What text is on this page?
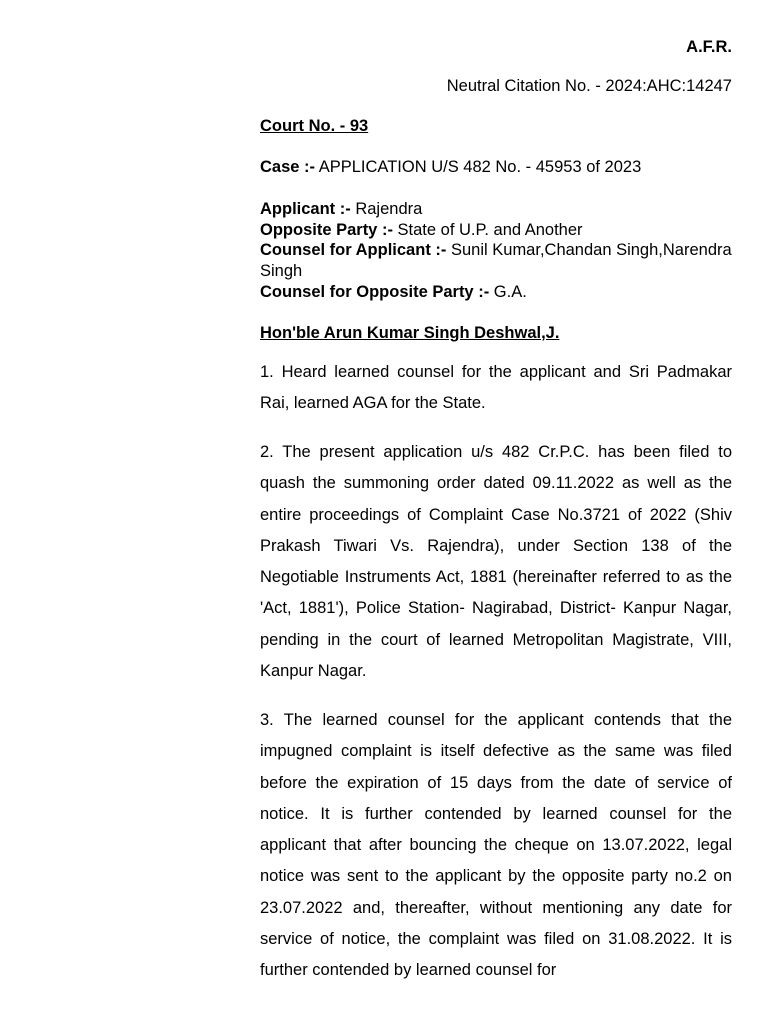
A.F.R.
Neutral Citation No. - 2024:AHC:14247
Court No. - 93
Case :- APPLICATION U/S 482 No. - 45953 of 2023
Applicant :- Rajendra
Opposite Party :- State of U.P. and Another
Counsel for Applicant :- Sunil Kumar,Chandan Singh,Narendra Singh
Counsel for Opposite Party :- G.A.
Hon'ble Arun Kumar Singh Deshwal,J.

1. Heard learned counsel for the applicant and Sri Padmakar Rai, learned AGA for the State.

2. The present application u/s 482 Cr.P.C. has been filed to quash the summoning order dated 09.11.2022 as well as the entire proceedings of Complaint Case No.3721 of 2022 (Shiv Prakash Tiwari Vs. Rajendra), under Section 138 of the Negotiable Instruments Act, 1881 (hereinafter referred to as the 'Act, 1881'), Police Station- Nagirabad, District- Kanpur Nagar, pending in the court of learned Metropolitan Magistrate, VIII, Kanpur Nagar.

3. The learned counsel for the applicant contends that the impugned complaint is itself defective as the same was filed before the expiration of 15 days from the date of service of notice. It is further contended by learned counsel for the applicant that after bouncing the cheque on 13.07.2022, legal notice was sent to the applicant by the opposite party no.2 on 23.07.2022 and, thereafter, without mentioning any date for service of notice, the complaint was filed on 31.08.2022. It is further contended by learned counsel for
